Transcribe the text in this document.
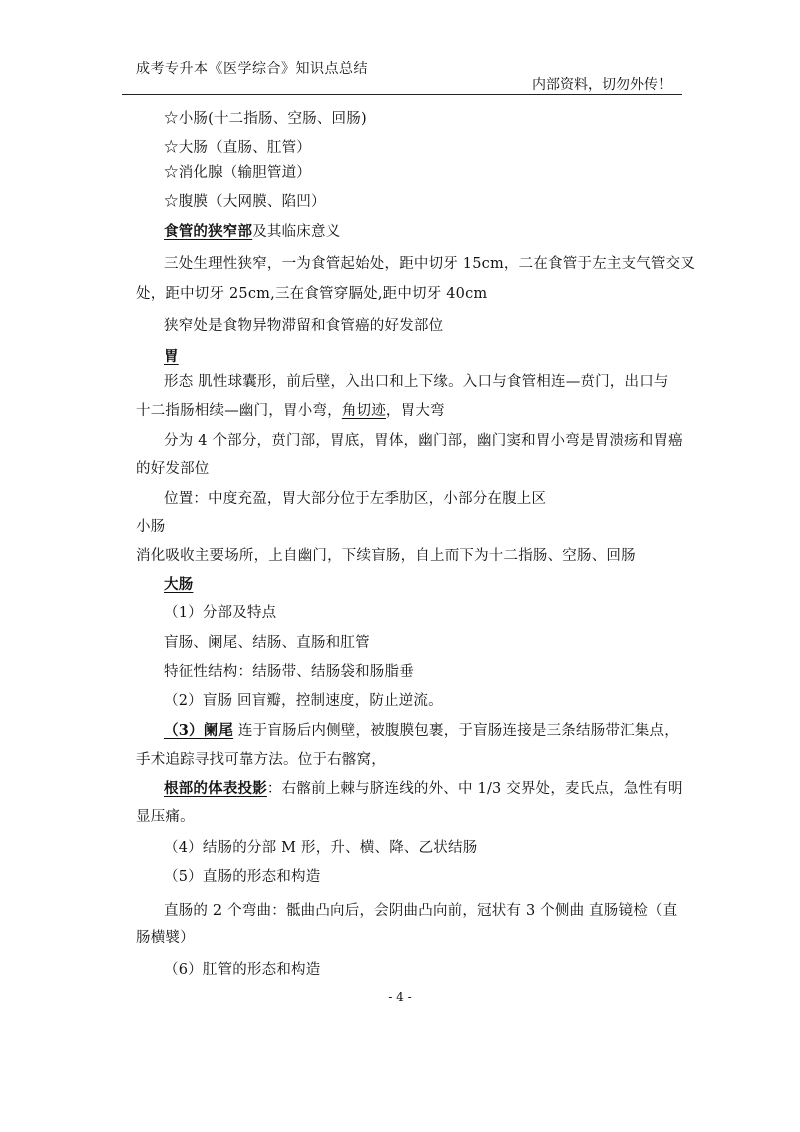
成考专升本《医学综合》知识点总结
内部资料，切勿外传！
☆小肠(十二指肠、空肠、回肠)
☆大肠（直肠、肛管）
☆消化腺（输胆管道）
☆腹膜（大网膜、陷凹）
食管的狭窄部及其临床意义
三处生理性狭窄，一为食管起始处，距中切牙 15cm，二在食管于左主支气管交叉
处，距中切牙 25cm,三在食管穿膈处,距中切牙 40cm
狭窄处是食物异物滞留和食管癌的好发部位
胃
形态 肌性球囊形，前后壁，入出口和上下缘。入口与食管相连—贲门，出口与
十二指肠相续—幽门，胃小弯，角切迹，胃大弯
分为 4 个部分，贲门部，胃底，胃体，幽门部，幽门窦和胃小弯是胃溃疡和胃癌
的好发部位
位置：中度充盈，胃大部分位于左季肋区，小部分在腹上区
小肠
消化吸收主要场所，上自幽门，下续盲肠，自上而下为十二指肠、空肠、回肠
大肠
（1）分部及特点
盲肠、阑尾、结肠、直肠和肛管
特征性结构：结肠带、结肠袋和肠脂垂
（2）盲肠 回盲瓣，控制速度，防止逆流。
（3）阑尾 连于盲肠后内侧壁，被腹膜包裹，于盲肠连接是三条结肠带汇集点，
手术追踪寻找可靠方法。位于右髂窝，
根部的体表投影：右髂前上棘与脐连线的外、中 1/3 交界处，麦氏点，急性有明
显压痛。
（4）结肠的分部 M 形，升、横、降、乙状结肠
（5）直肠的形态和构造
直肠的 2 个弯曲：骶曲凸向后，会阴曲凸向前，冠状有 3 个侧曲 直肠镜检（直
肠横襞）
（6）肛管的形态和构造
- 4 -
